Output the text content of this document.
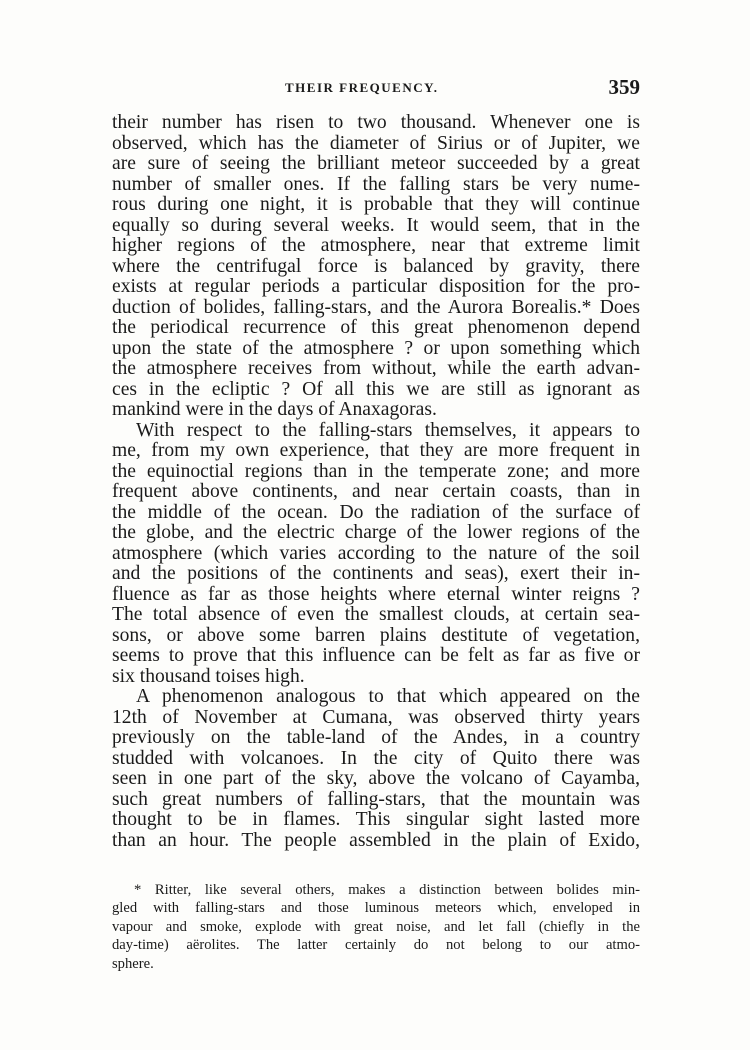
THEIR FREQUENCY.	359
their number has risen to two thousand. Whenever one is
observed, which has the diameter of Sirius or of Jupiter, we
are sure of seeing the brilliant meteor succeeded by a great
number of smaller ones. If the falling stars be very nume-
rous during one night, it is probable that they will continue
equally so during several weeks. It would seem, that in the
higher regions of the atmosphere, near that extreme limit
where the centrifugal force is balanced by gravity, there
exists at regular periods a particular disposition for the pro-
duction of bolides, falling-stars, and the Aurora Borealis.* Does
the periodical recurrence of this great phenomenon depend
upon the state of the atmosphere ? or upon something which
the atmosphere receives from without, while the earth advan-
ces in the ecliptic ? Of all this we are still as ignorant as
mankind were in the days of Anaxagoras.
With respect to the falling-stars themselves, it appears to
me, from my own experience, that they are more frequent in
the equinoctial regions than in the temperate zone; and more
frequent above continents, and near certain coasts, than in
the middle of the ocean. Do the radiation of the surface of
the globe, and the electric charge of the lower regions of the
atmosphere (which varies according to the nature of the soil
and the positions of the continents and seas), exert their in-
fluence as far as those heights where eternal winter reigns ?
The total absence of even the smallest clouds, at certain sea-
sons, or above some barren plains destitute of vegetation,
seems to prove that this influence can be felt as far as five or
six thousand toises high.
A phenomenon analogous to that which appeared on the
12th of November at Cumana, was observed thirty years
previously on the table-land of the Andes, in a country
studded with volcanoes. In the city of Quito there was
seen in one part of the sky, above the volcano of Cayamba,
such great numbers of falling-stars, that the mountain was
thought to be in flames. This singular sight lasted more
than an hour. The people assembled in the plain of Exido,
* Ritter, like several others, makes a distinction between bolides min-
gled with falling-stars and those luminous meteors which, enveloped in
vapour and smoke, explode with great noise, and let fall (chiefly in the
day-time) aërolites. The latter certainly do not belong to our atmo-
sphere.
